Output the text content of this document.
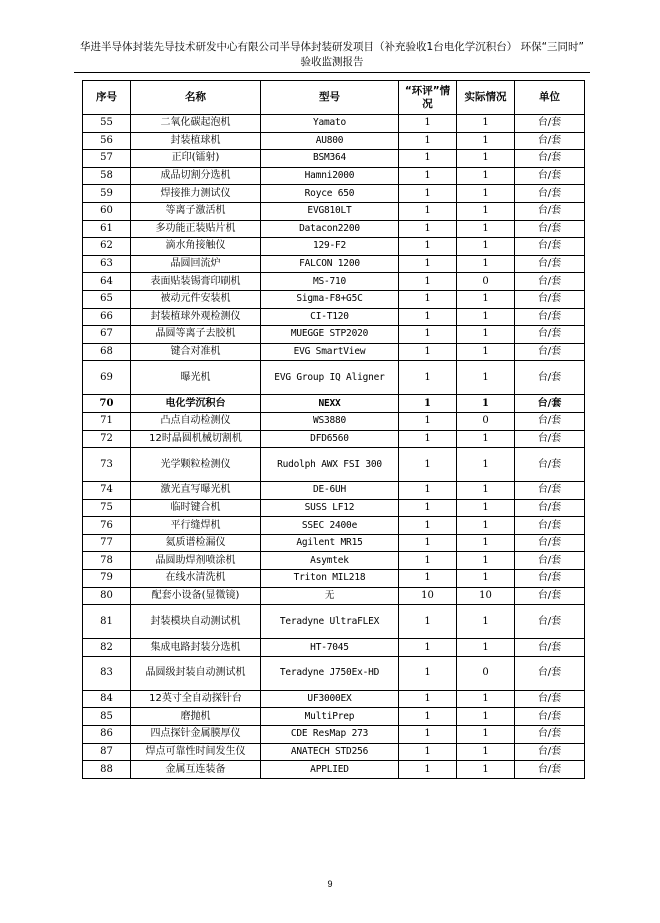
华进半导体封装先导技术研发中心有限公司半导体封装研发项目（补充验收1台电化学沉积台） 环保“三同时”
验收监测报告
序号	名称	型号	“环评”情况	实际情况	单位
55	二氧化碳起泡机	Yamato	1	1	台/套
56	封装植球机	AU800	1	1	台/套
57	正印(镭射)	BSM364	1	1	台/套
58	成品切割分选机	Hamni2000	1	1	台/套
59	焊接推力测试仪	Royce 650	1	1	台/套
60	等离子激活机	EVG810LT	1	1	台/套
61	多功能正装贴片机	Datacon2200	1	1	台/套
62	滴水角接触仪	129-F2	1	1	台/套
63	晶圆回流炉	FALCON 1200	1	1	台/套
64	表面贴装锡膏印刷机	MS-710	1	0	台/套
65	被动元件安装机	Sigma-F8+G5C	1	1	台/套
66	封装植球外观检测仪	CI-T120	1	1	台/套
67	晶圆等离子去胶机	MUEGGE STP2020	1	1	台/套
68	键合对准机	EVG SmartView	1	1	台/套
69	曝光机	EVG Group IQ Aligner	1	1	台/套
70	电化学沉积台	NEXX	1	1	台/套
71	凸点自动检测仪	WS3880	1	0	台/套
72	12时晶圆机械切割机	DFD6560	1	1	台/套
73	光学颗粒检测仪	Rudolph AWX FSI 300	1	1	台/套
74	激光直写曝光机	DE-6UH	1	1	台/套
75	临时键合机	SUSS LF12	1	1	台/套
76	平行缝焊机	SSEC 2400e	1	1	台/套
77	氦质谱检漏仪	Agilent MR15	1	1	台/套
78	晶圆助焊剂喷涂机	Asymtek	1	1	台/套
79	在线水清洗机	Triton MIL218	1	1	台/套
80	配套小设备(显微镜)	无	10	10	台/套
81	封装模块自动测试机	Teradyne UltraFLEX	1	1	台/套
82	集成电路封装分选机	HT-7045	1	1	台/套
83	晶圆级封装自动测试机	Teradyne J750Ex-HD	1	0	台/套
84	12英寸全自动探针台	UF3000EX	1	1	台/套
85	磨抛机	MultiPrep	1	1	台/套
86	四点探针金属膜厚仪	CDE ResMap 273	1	1	台/套
87	焊点可靠性时间发生仪	ANATECH STD256	1	1	台/套
88	金属互连装备	APPLIED	1	1	台/套
9
